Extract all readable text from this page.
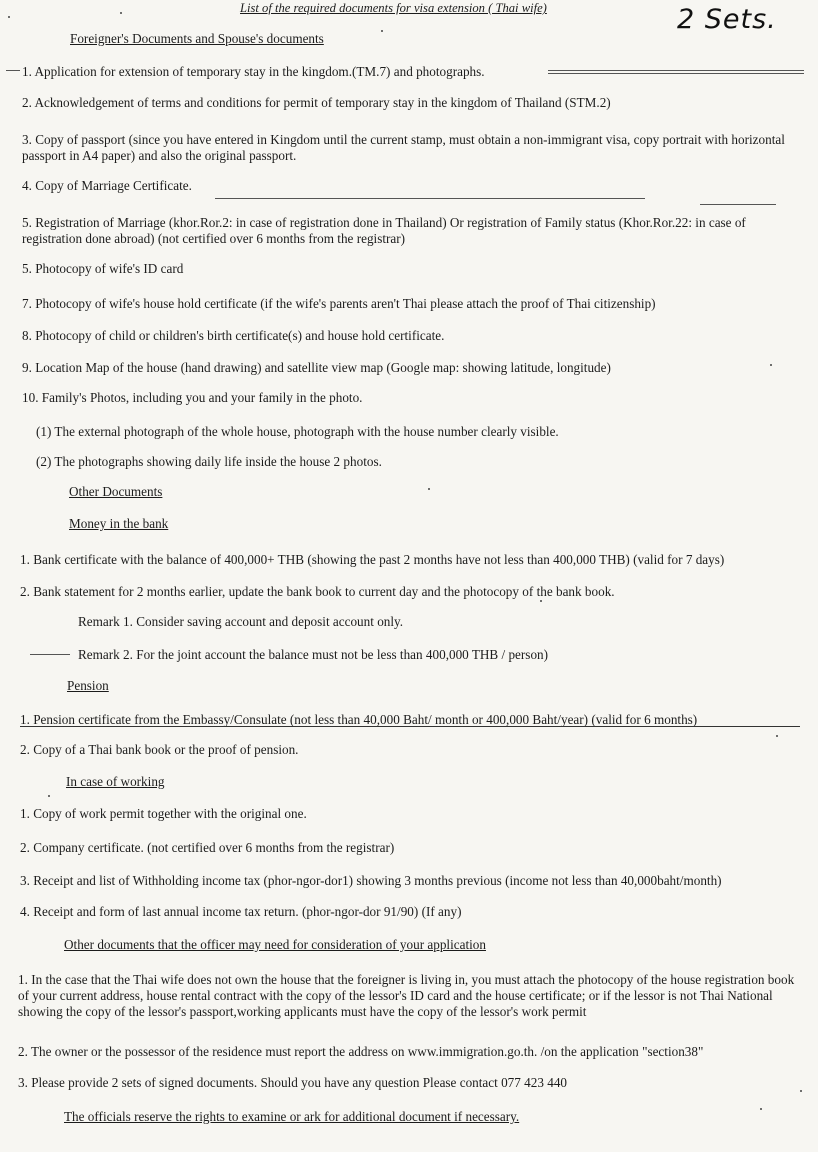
List of the required documents for visa extension ( Thai wife)	2 Sets.
Foreigner's Documents and Spouse's documents
1. Application for extension of temporary stay in the kingdom.(TM.7) and photographs.
2. Acknowledgement of terms and conditions for permit of temporary stay in the kingdom of Thailand (STM.2)
3. Copy of passport (since you have entered in Kingdom until the current stamp, must obtain a non-immigrant visa, copy portrait with horizontal passport in A4 paper) and also the original passport.
4. Copy of Marriage Certificate.
5. Registration of Marriage (khor.Ror.2: in case of registration done in Thailand) Or registration of Family status (Khor.Ror.22: in case of registration done abroad) (not certified over 6 months from the registrar)
5. Photocopy of wife's ID card
7. Photocopy of wife's house hold certificate (if the wife's parents aren't Thai please attach the proof of Thai citizenship)
8. Photocopy of child or children's birth certificate(s) and house hold certificate.
9. Location Map of the house (hand drawing) and satellite view map (Google map: showing latitude, longitude)
10. Family's Photos, including you and your family in the photo.
(1) The external photograph of the whole house, photograph with the house number clearly visible.
(2) The photographs showing daily life inside the house 2 photos.
Other Documents
Money in the bank
1. Bank certificate with the balance of 400,000+ THB (showing the past 2 months have not less than 400,000 THB) (valid for 7 days)
2. Bank statement for 2 months earlier, update the bank book to current day and the photocopy of the bank book.
Remark 1. Consider saving account and deposit account only.
Remark 2. For the joint account the balance must not be less than 400,000 THB / person)
Pension
1. Pension certificate from the Embassy/Consulate (not less than 40,000 Baht/ month or 400,000 Baht/year) (valid for 6 months)
2. Copy of a Thai bank book or the proof of pension.
In case of working
1. Copy of work permit together with the original one.
2. Company certificate. (not certified over 6 months from the registrar)
3. Receipt and list of Withholding income tax (phor-ngor-dor1) showing 3 months previous (income not less than 40,000baht/month)
4. Receipt and form of last annual income tax return. (phor-ngor-dor 91/90) (If any)
Other documents that the officer may need for consideration of your application
1. In the case that the Thai wife does not own the house that the foreigner is living in, you must attach the photocopy of the house registration book of your current address, house rental contract with the copy of the lessor's ID card and the house certificate; or if the lessor is not Thai National showing the copy of the lessor's passport,working applicants must have the copy of the lessor's work permit
2. The owner or the possessor of the residence must report the address on www.immigration.go.th. /on the application "section38"
3. Please provide 2 sets of signed documents. Should you have any question Please contact 077 423 440
The officials reserve the rights to examine or ark for additional document if necessary.
